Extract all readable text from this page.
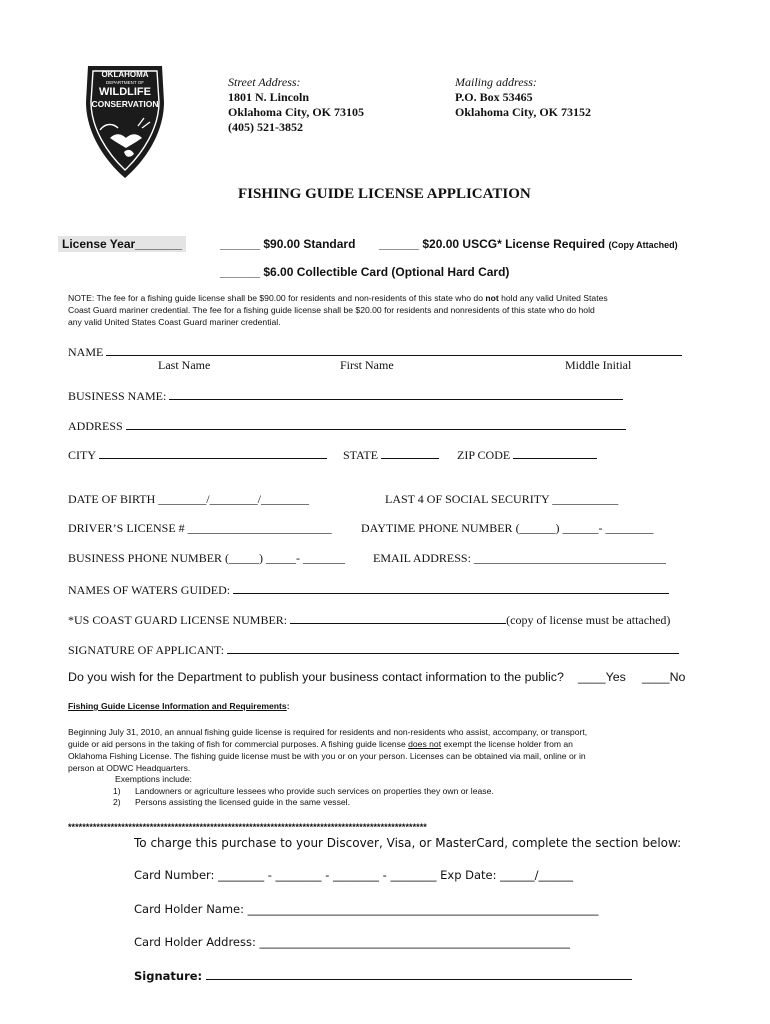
OKLAHOMA
DEPARTMENT OF
WILDLIFE
CONSERVATION
Street Address:
1801 N. Lincoln
Oklahoma City, OK 73105
(405) 521-3852
Mailing address:
P.O. Box 53465
Oklahoma City, OK 73152
FISHING GUIDE LICENSE APPLICATION
License Year_______	______ $90.00 Standard ______ $20.00 USCG* License Required (Copy Attached)
______ $6.00 Collectible Card (Optional Hard Card)
NOTE: The fee for a fishing guide license shall be $90.00 for residents and non-residents of this state who do not hold any valid United States
Coast Guard mariner credential. The fee for a fishing guide license shall be $20.00 for residents and nonresidents of this state who do hold
any valid United States Coast Guard mariner credential.
NAME
Last Name	First Name	Middle Initial
BUSINESS NAME:
ADDRESS
CITY	STATE	ZIP CODE
DATE OF BIRTH ________/________/________	LAST 4 OF SOCIAL SECURITY ___________
DRIVER’S LICENSE # ________________________ DAYTIME PHONE NUMBER (______) ______- ________
BUSINESS PHONE NUMBER (_____) _____- _______ EMAIL ADDRESS: ________________________________
NAMES OF WATERS GUIDED:
*US COAST GUARD LICENSE NUMBER:	(copy of license must be attached)
SIGNATURE OF APPLICANT:
Do you wish for the Department to publish your business contact information to the public? ____Yes ____No
Fishing Guide License Information and Requirements:
Beginning July 31, 2010, an annual fishing guide license is required for residents and non-residents who assist, accompany, or transport,
guide or aid persons in the taking of fish for commercial purposes. A fishing guide license does not exempt the license holder from an
Oklahoma Fishing License. The fishing guide license must be with you or on your person. Licenses can be obtained via mail, online or in
person at ODWC Headquarters.
Exemptions include:
1) Landowners or agriculture lessees who provide such services on properties they own or lease.
2) Persons assisting the licensed guide in the same vessel.
*****************************************************************************************************
To charge this purchase to your Discover, Visa, or MasterCard, complete the section below:
Card Number: ________ - ________ - ________ - ________ Exp Date: ______/______
Card Holder Name: _____________________________________________________________
Card Holder Address: ______________________________________________________
Signature:
